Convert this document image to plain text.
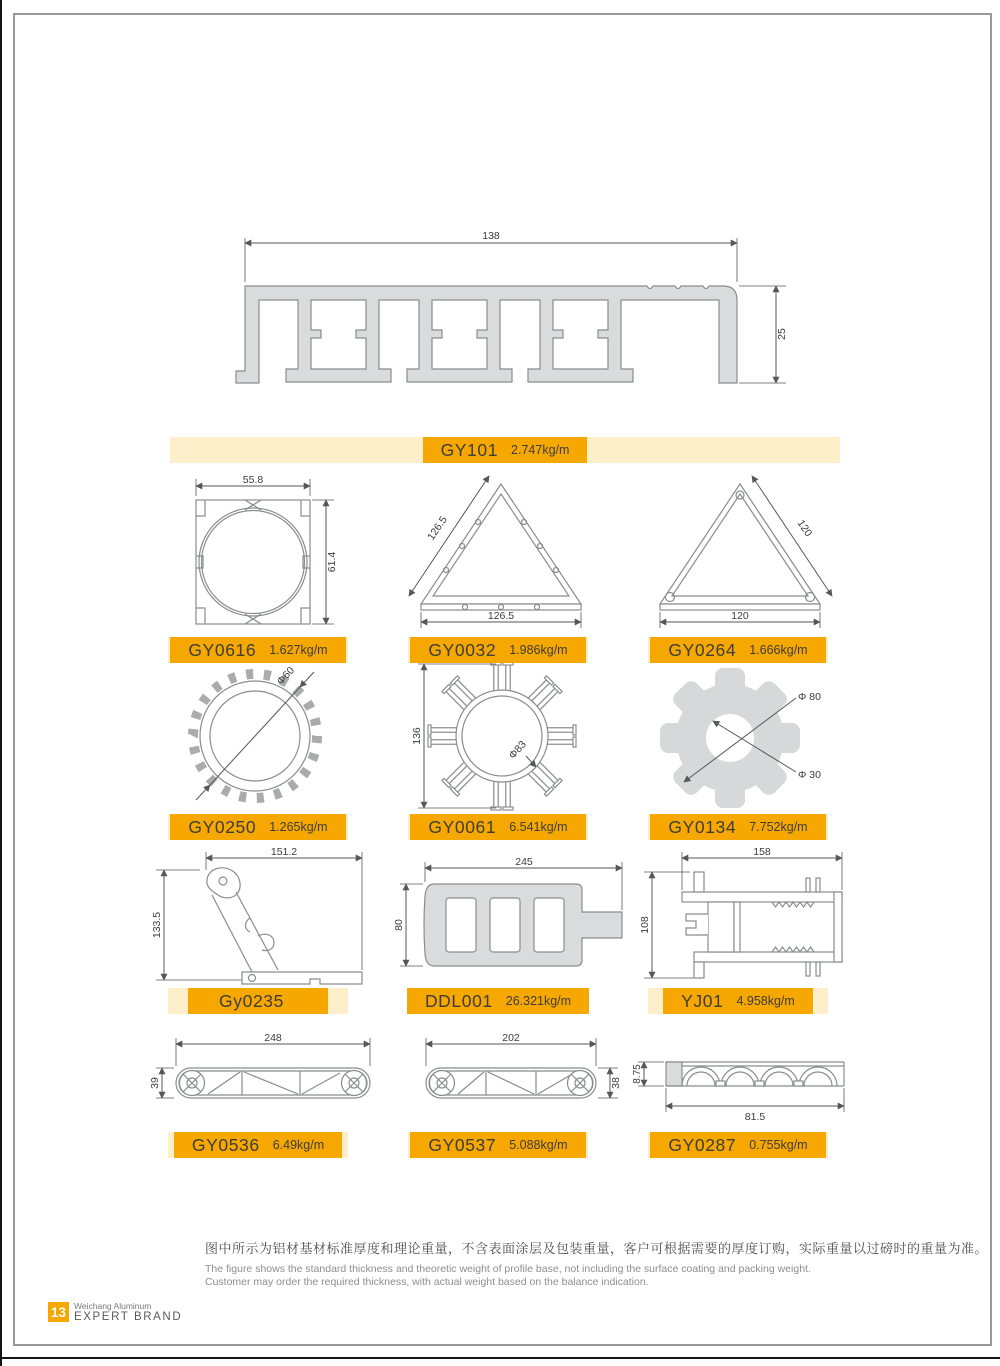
138
25
55.8
61.4
126.5
126.5
120
120
Φ60
136
Φ83
Φ 80
Φ 30
151.2
133.5
245
80
158
108
248
39
202
38 8.75
81.5
GY101 2.747kg/m
GY0616 1.627kg/m	GY0032 1.986kg/m	GY0264 1.666kg/m
GY0250 1.265kg/m	GY0061 6.541kg/m	GY0134 7.752kg/m
Gy0235	DDL001 26.321kg/m	YJ01 4.958kg/m
GY0536 6.49kg/m	GY0537 5.088kg/m	GY0287 0.755kg/m

图中所示为铝材基材标准厚度和理论重量，不含表面涂层及包装重量，客户可根据需要的厚度订购，实际重量以过磅时的重量为准。

The figure shows the standard thickness and theoretic weight of profile base, not including the surface coating and packing weight.

Customer may order the required thickness, with actual weight based on the balance indication.

13 Weichang Aluminum
EXPERT BRAND
